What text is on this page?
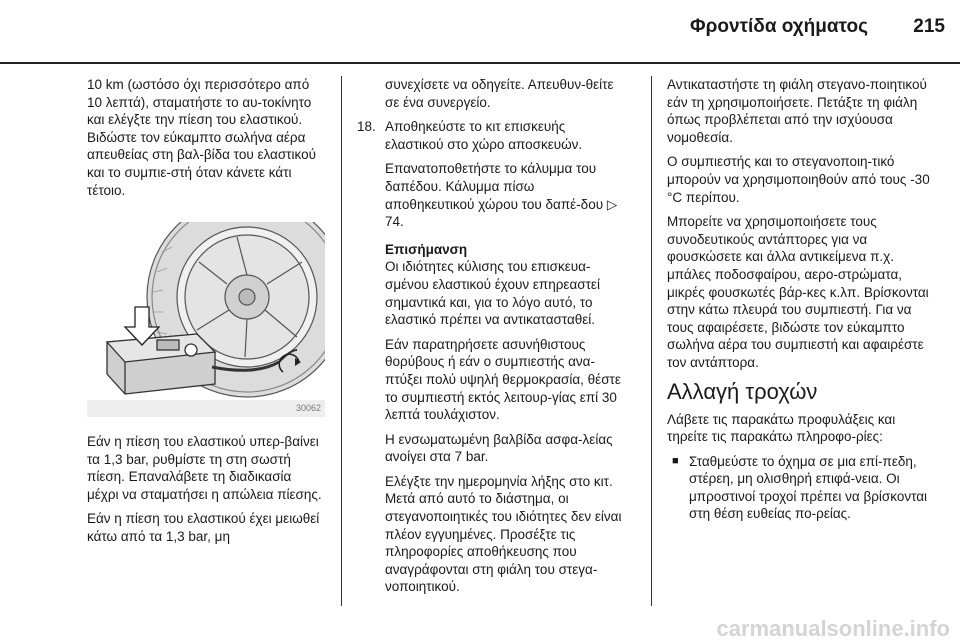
Φροντίδα οχήματος	215

10 km (ωστόσο όχι περισσότερο από 10 λεπτά), σταματήστε το αυ-τοκίνητο και ελέγξτε την πίεση του ελαστικού. Βιδώστε τον εύκαμπτο σωλήνα αέρα απευθείας στη βαλ-βίδα του ελαστικού και το συμπιε-στή όταν κάνετε κάτι τέτοιο.

30062

Εάν η πίεση του ελαστικού υπερ-βαίνει τα 1,3 bar, ρυθμίστε τη στη σωστή πίεση. Επαναλάβετε τη διαδικασία μέχρι να σταματήσει η απώλεια πίεσης.

Εάν η πίεση του ελαστικού έχει μειωθεί κάτω από τα 1,3 bar, μη

συνεχίσετε να οδηγείτε. Απευθυν-θείτε σε ένα συνεργείο.

18. Αποθηκεύστε το κιτ επισκευής ελαστικού στο χώρο αποσκευών.

Επανατοποθετήστε το κάλυμμα του δαπέδου. Κάλυμμα πίσω αποθηκευτικού χώρου του δαπέ-δου ▷ 74.

Επισήμανση

Οι ιδιότητες κύλισης του επισκευα-σμένου ελαστικού έχουν επηρεαστεί σημαντικά και, για το λόγο αυτό, το ελαστικό πρέπει να αντικατασταθεί.

Εάν παρατηρήσετε ασυνήθιστους θορύβους ή εάν ο συμπιεστής ανα-πτύξει πολύ υψηλή θερμοκρασία, θέστε το συμπιεστή εκτός λειτουρ-γίας επί 30 λεπτά τουλάχιστον.

Η ενσωματωμένη βαλβίδα ασφα-λείας ανοίγει στα 7 bar.

Ελέγξτε την ημερομηνία λήξης στο κιτ. Μετά από αυτό το διάστημα, οι στεγανοποιητικές του ιδιότητες δεν είναι πλέον εγγυημένες. Προσέξτε τις πληροφορίες αποθήκευσης που αναγράφονται στη φιάλη του στεγα-νοποιητικού.

Αντικαταστήστε τη φιάλη στεγανο-ποιητικού εάν τη χρησιμοποιήσετε. Πετάξτε τη φιάλη όπως προβλέπεται από την ισχύουσα νομοθεσία.

Ο συμπιεστής και το στεγανοποιη-τικό μπορούν να χρησιμοποιηθούν από τους -30 °C περίπου.

Μπορείτε να χρησιμοποιήσετε τους συνοδευτικούς αντάπτορες για να φουσκώσετε και άλλα αντικείμενα π.χ. μπάλες ποδοσφαίρου, αερο-στρώματα, μικρές φουσκωτές βάρ-κες κ.λπ. Βρίσκονται στην κάτω πλευρά του συμπιεστή. Για να τους αφαιρέσετε, βιδώστε τον εύκαμπτο σωλήνα αέρα του συμπιεστή και αφαιρέστε τον αντάπτορα.

Αλλαγή τροχών

Λάβετε τις παρακάτω προφυλάξεις και τηρείτε τις παρακάτω πληροφο-ρίες:

■ Σταθμεύστε το όχημα σε μια επί-πεδη, στέρεη, μη ολισθηρή επιφά-νεια. Οι μπροστινοί τροχοί πρέπει να βρίσκονται στη θέση ευθείας πο-ρείας.
carmanualsonline.info
